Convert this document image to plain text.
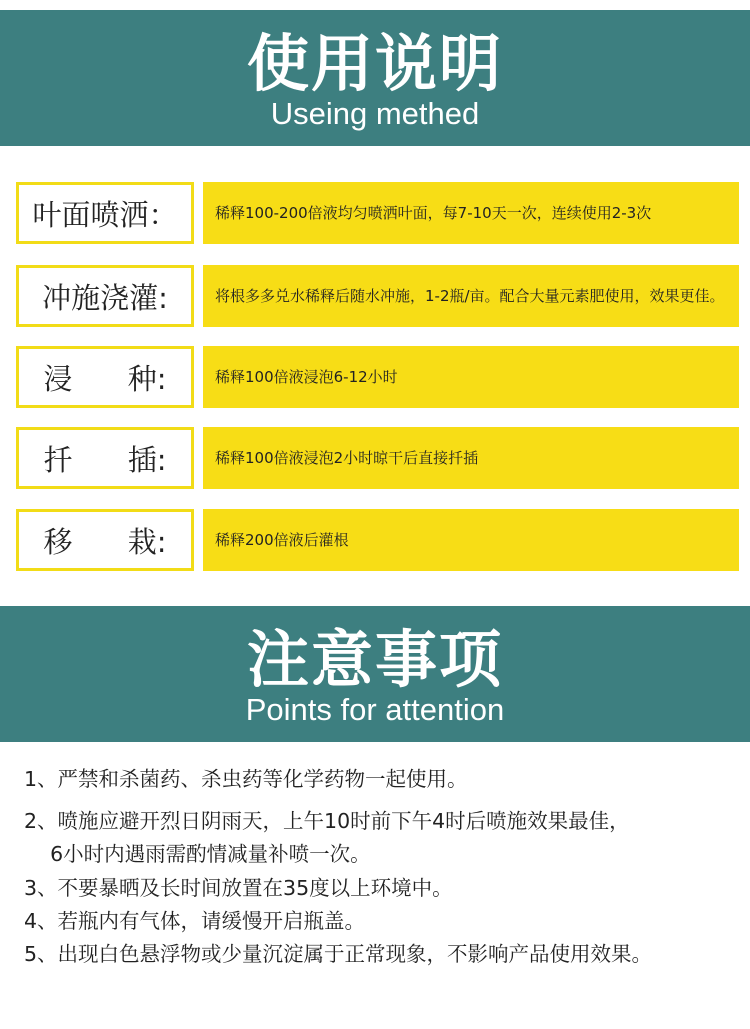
使用说明
Useing methed
叶面喷洒：	稀释100-200倍液均匀喷洒叶面，每7-10天一次，连续使用2-3次
冲施浇灌:	将根多多兑水稀释后随水冲施，1-2瓶/亩。配合大量元素肥使用，效果更佳。
浸      种:	稀释100倍液浸泡6-12小时
扦      插:	稀释100倍液浸泡2小时晾干后直接扦插
移      栽:	稀释200倍液后灌根
注意事项
Points for attention
1、严禁和杀菌药、杀虫药等化学药物一起使用。
2、喷施应避开烈日阴雨天，上午10时前下午4时后喷施效果最佳，
6小时内遇雨需酌情减量补喷一次。
3、不要暴晒及长时间放置在35度以上环境中。
4、若瓶内有气体，请缓慢开启瓶盖。
5、出现白色悬浮物或少量沉淀属于正常现象，不影响产品使用效果。
